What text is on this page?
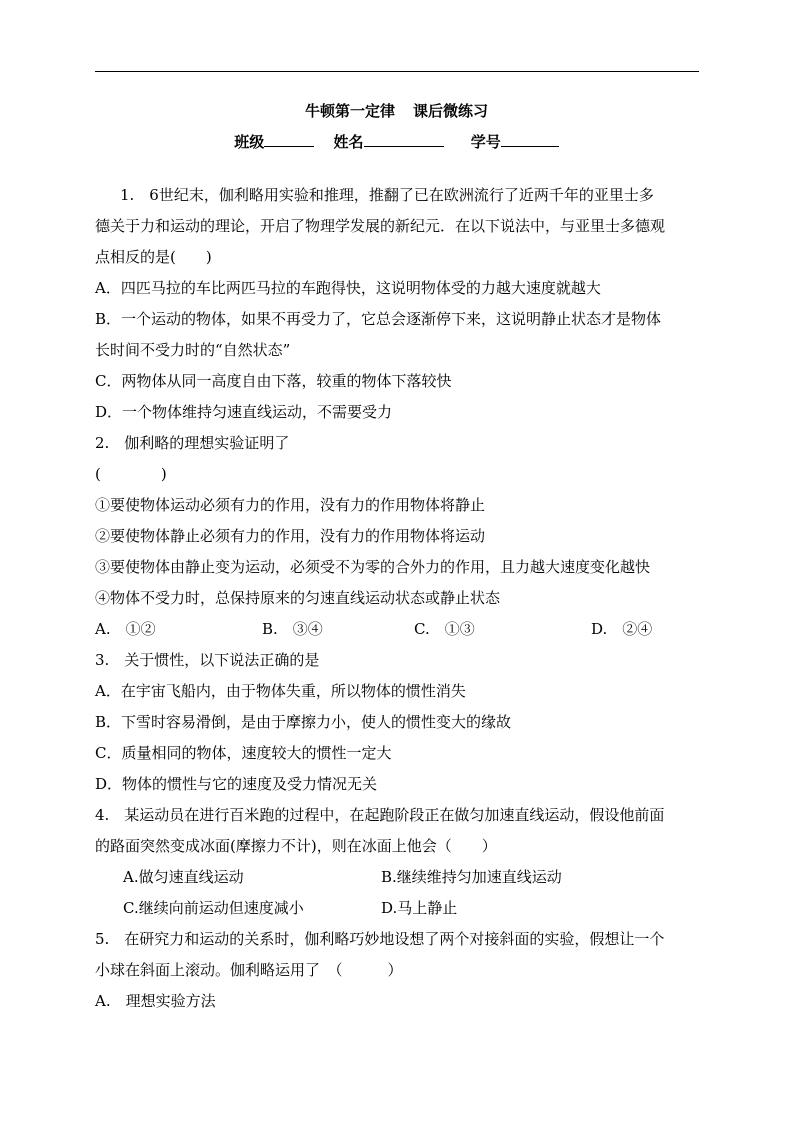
牛顿第一定律 课后微练习
班级	姓名	学号

1.　6世纪末，伽利略用实验和推理，推翻了已在欧洲流行了近两千年的亚里士多

德关于力和运动的理论，开启了物理学发展的新纪元．在以下说法中，与亚里士多德观

点相反的是(　　)

A．四匹马拉的车比两匹马拉的车跑得快，这说明物体受的力越大速度就越大

B．一个运动的物体，如果不再受力了，它总会逐渐停下来，这说明静止状态才是物体

长时间不受力时的“自然状态”

C．两物体从同一高度自由下落，较重的物体下落较快

D．一个物体维持匀速直线运动，不需要受力

2.　伽利略的理想实验证明了

(　　　　)

①要使物体运动必须有力的作用，没有力的作用物体将静止

②要使物体静止必须有力的作用，没有力的作用物体将运动

③要使物体由静止变为运动，必须受不为零的合外力的作用，且力越大速度变化越快

④物体不受力时，总保持原来的匀速直线运动状态或静止状态

A.　①②	B.　③④	C.　①③	D.　②④

3.　关于惯性，以下说法正确的是

A．在宇宙飞船内，由于物体失重，所以物体的惯性消失

B．下雪时容易滑倒，是由于摩擦力小，使人的惯性变大的缘故

C．质量相同的物体，速度较大的惯性一定大

D．物体的惯性与它的速度及受力情况无关

4.　某运动员在进行百米跑的过程中，在起跑阶段正在做匀加速直线运动，假设他前面

的路面突然变成冰面(摩擦力不计)，则在冰面上他会（　　）

A.做匀速直线运动	B.继续维持匀加速直线运动

C.继续向前运动但速度减小	D.马上静止

5.　在研究力和运动的关系时，伽利略巧妙地设想了两个对接斜面的实验，假想让一个

小球在斜面上滚动。伽利略运用了　（　　　）

A.　理想实验方法
